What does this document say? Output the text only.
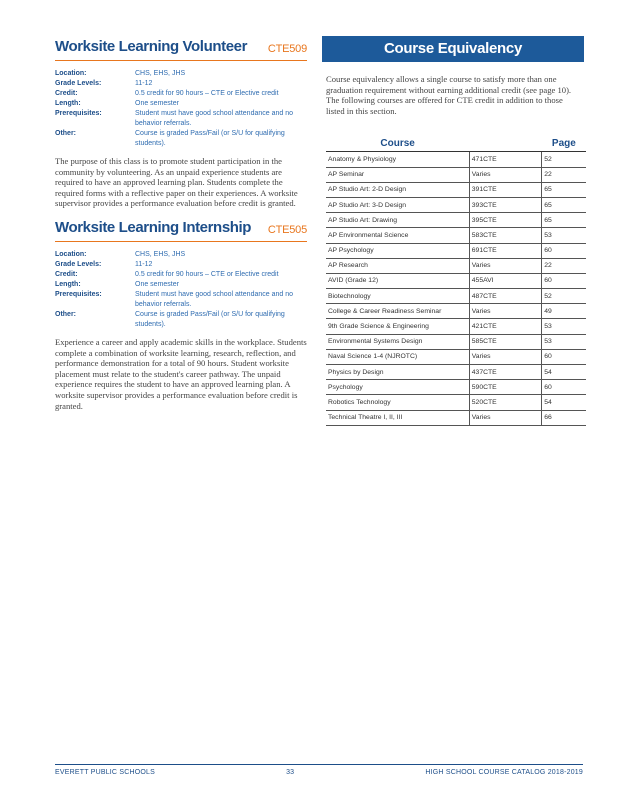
Worksite Learning Volunteer CTE509
Location:	CHS, EHS, JHS
Grade Levels:	11-12
Credit:	0.5 credit for 90 hours – CTE or Elective credit
Length:	One semester
Prerequisites:	Student must have good school attendance and no behavior referrals.
Other:	Course is graded Pass/Fail (or S/U for qualifying students).

The purpose of this class is to promote student participation in the community by volunteering. As an unpaid experience students are required to have an approved learning plan. Students complete the required forms with a reflective paper on their experiences. A worksite supervisor provides a performance evaluation before credit is granted.

Worksite Learning Internship CTE505
Location:	CHS, EHS, JHS
Grade Levels:	11-12
Credit:	0.5 credit for 90 hours – CTE or Elective credit
Length:	One semester
Prerequisites:	Student must have good school attendance and no behavior referrals.
Other:	Course is graded Pass/Fail (or S/U for qualifying students).

Experience a career and apply academic skills in the workplace. Students complete a combination of worksite learning, research, reflection, and performance demonstration for a total of 90 hours. Student worksite placement must relate to the student's career pathway. The unpaid experience requires the student to have an approved learning plan. A worksite supervisor provides a performance evaluation before credit is granted.

Course Equivalency

Course equivalency allows a single course to satisfy more than one graduation requirement without earning additional credit (see page 10). The following courses are offered for CTE credit in addition to those listed in this section.

Course		Page
Anatomy & Physiology	471CTE	52
AP Seminar	Varies	22
AP Studio Art: 2-D Design	391CTE	65
AP Studio Art: 3-D Design	393CTE	65
AP Studio Art: Drawing	395CTE	65
AP Environmental Science	583CTE	53
AP Psychology	691CTE	60
AP Research	Varies	22
AVID (Grade 12)	455AVI	60
Biotechnology	487CTE	52
College & Career Readiness Seminar	Varies	49
9th Grade Science & Engineering	421CTE	53
Environmental Systems Design	585CTE	53
Naval Science 1-4 (NJROTC)	Varies	60
Physics by Design	437CTE	54
Psychology	590CTE	60
Robotics Technology	520CTE	54
Technical Theatre I, II, III	Varies	66
EVERETT PUBLIC SCHOOLS	33	HIGH SCHOOL COURSE CATALOG 2018-2019
